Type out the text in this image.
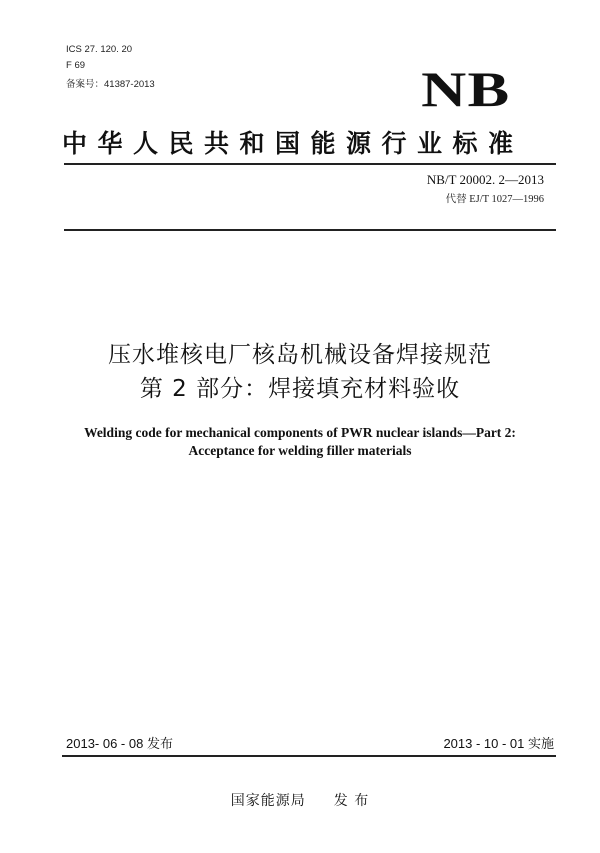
ICS 27. 120. 20
F 69
备案号：41387-2013	NB
中华人民共和国能源行业标准
NB/T 20002. 2—2013
代替 EJ/T 1027—1996
压水堆核电厂核岛机械设备焊接规范
第 2 部分：焊接填充材料验收
Welding code for mechanical components of PWR nuclear islands—Part 2:
Acceptance for welding filler materials
2013- 06 - 08 发布	2013 - 10 - 01 实施
国家能源局 发 布
